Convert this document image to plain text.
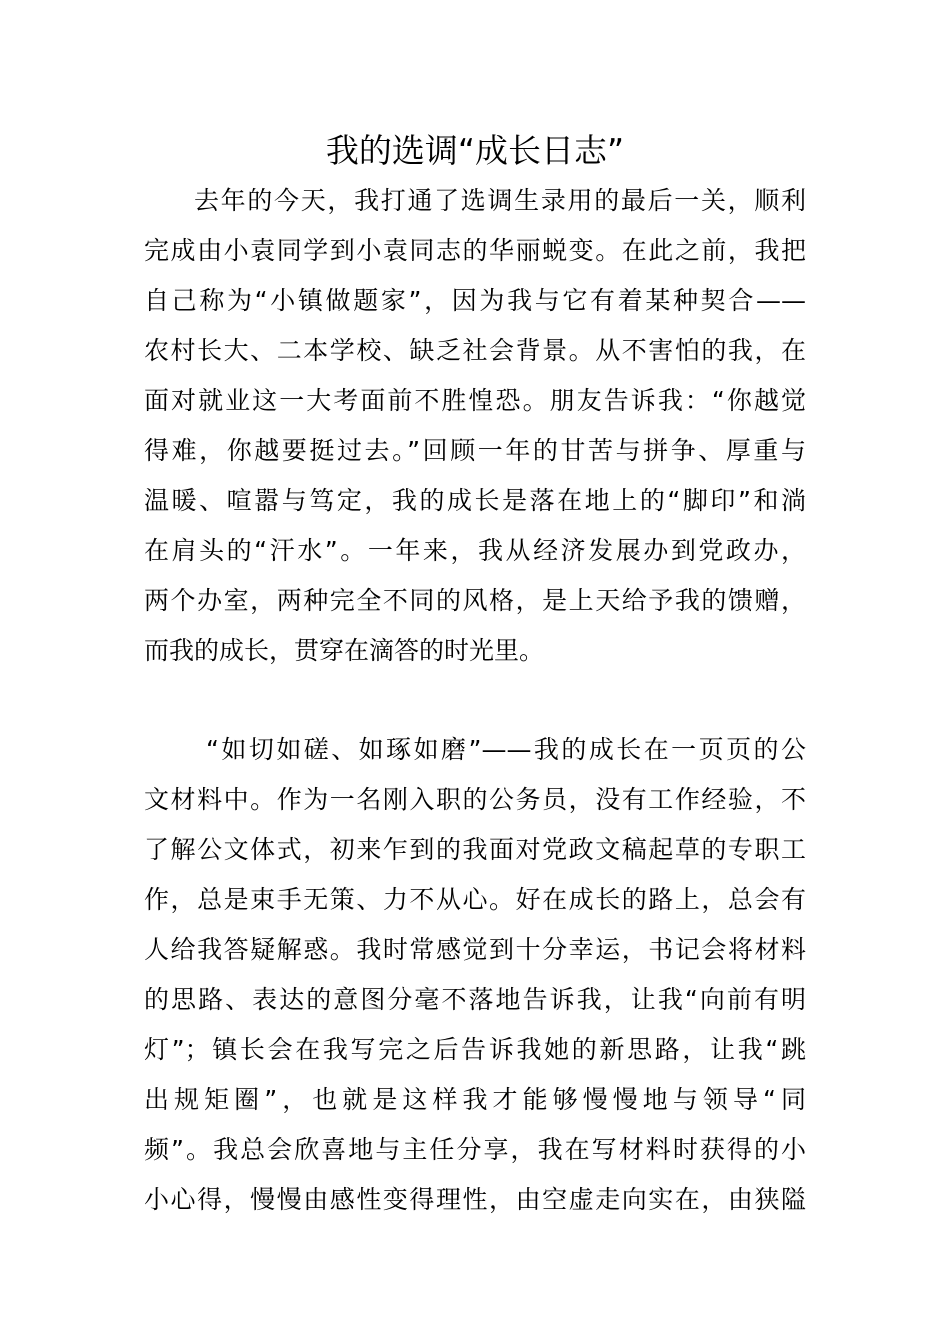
我的选调“成长日志”
去年的今天，我打通了选调生录用的最后一关，顺利
完成由小袁同学到小袁同志的华丽蜕变。在此之前，我把
自己称为“小镇做题家”，因为我与它有着某种契合——
农村长大、二本学校、缺乏社会背景。从不害怕的我，在
面对就业这一大考面前不胜惶恐。朋友告诉我：“你越觉
得难，你越要挺过去。”回顾一年的甘苦与拼争、厚重与
温暖、喧嚣与笃定，我的成长是落在地上的“脚印”和淌
在肩头的“汗水”。一年来，我从经济发展办到党政办，
两个办室，两种完全不同的风格，是上天给予我的馈赠，
而我的成长，贯穿在滴答的时光里。
“如切如磋、如琢如磨”——我的成长在一页页的公
文材料中。作为一名刚入职的公务员，没有工作经验，不
了解公文体式，初来乍到的我面对党政文稿起草的专职工
作，总是束手无策、力不从心。好在成长的路上，总会有
人给我答疑解惑。我时常感觉到十分幸运，书记会将材料
的思路、表达的意图分毫不落地告诉我，让我“向前有明
灯”；镇长会在我写完之后告诉我她的新思路，让我“跳
出规矩圈”，也就是这样我才能够慢慢地与领导“同
频”。我总会欣喜地与主任分享，我在写材料时获得的小
小心得，慢慢由感性变得理性，由空虚走向实在，由狭隘
